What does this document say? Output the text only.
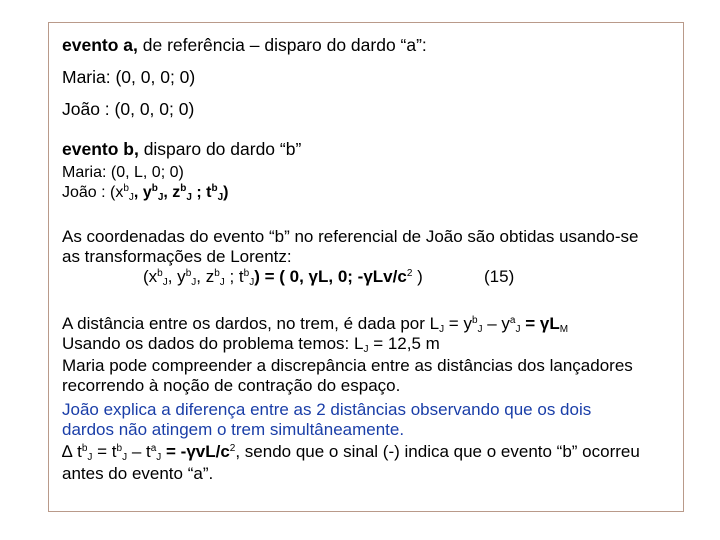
evento a, de referência – disparo do dardo “a”:
Maria: (0, 0, 0; 0)
João : (0, 0, 0; 0)
evento b, disparo do dardo “b”
Maria: (0, L, 0; 0)
João : ($x^b_J$, $y^b_J$, $z^b_J$ ; $t^b_J$)
As coordenadas do evento “b” no referencial de João são obtidas usando-se
as transformações de Lorentz:
($x^b_J$, $y^b_J$, $z^b_J$ ; $t^b_J$) = ( 0, γL, 0; $-\gamma Lv/c^2$ )	(15)
A distância entre os dardos, no trem, é dada por $L_J = y^b_J - y^a_J = \gamma L_M$
Usando os dados do problema temos: $L_J = 12,5$ m
Maria pode compreender a discrepância entre as distâncias dos lançadores
recorrendo à noção de contração do espaço.
João explica a diferença entre as 2 distâncias observando que os dois
dardos não atingem o trem simultâneamente.
∆ $t^b_J = t^b_J - t^a_J = -\gamma vL/c^2$, sendo que o sinal (-) indica que o evento “b” ocorreu
antes do evento “a”.
